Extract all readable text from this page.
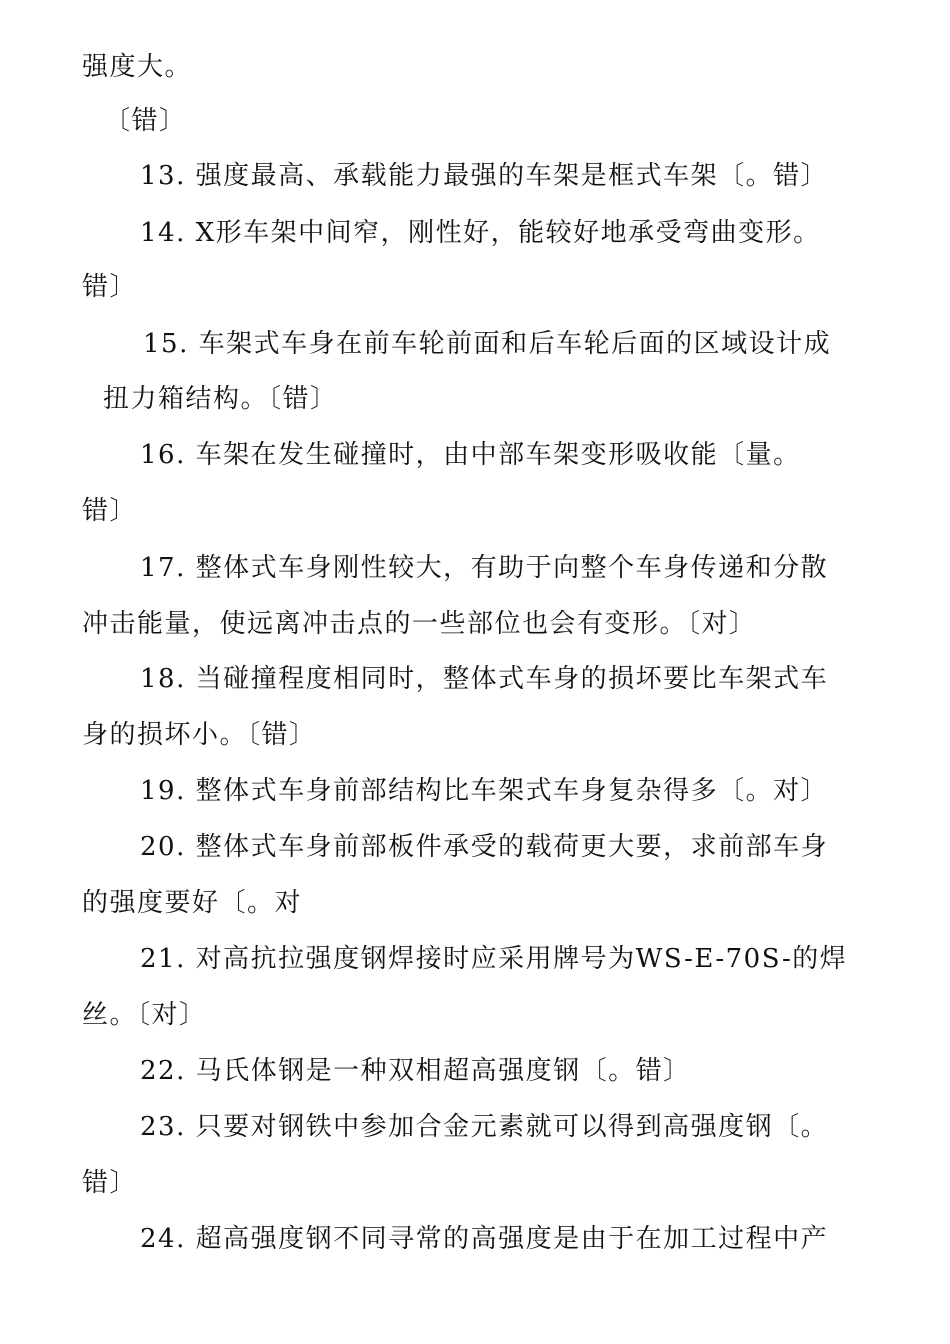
强度大。
〔错〕
13. 强度最高、承载能力最强的车架是框式车架〔。错〕
14. X形车架中间窄，刚性好，能较好地承受弯曲变形。
错〕
15. 车架式车身在前车轮前面和后车轮后面的区域设计成
扭力箱结构。〔错〕
16. 车架在发生碰撞时，由中部车架变形吸收能〔量。
错〕
17. 整体式车身刚性较大，有助于向整个车身传递和分散
冲击能量，使远离冲击点的一些部位也会有变形。〔对〕
18. 当碰撞程度相同时，整体式车身的损坏要比车架式车
身的损坏小。〔错〕
19. 整体式车身前部结构比车架式车身复杂得多〔。对〕
20. 整体式车身前部板件承受的载荷更大要，求前部车身
的强度要好〔。对
21. 对高抗拉强度钢焊接时应采用牌号为WS-E-70S-的焊
丝。〔对〕
22. 马氏体钢是一种双相超高强度钢〔。错〕
23. 只要对钢铁中参加合金元素就可以得到高强度钢〔。
错〕
24. 超高强度钢不同寻常的高强度是由于在加工过程中产
